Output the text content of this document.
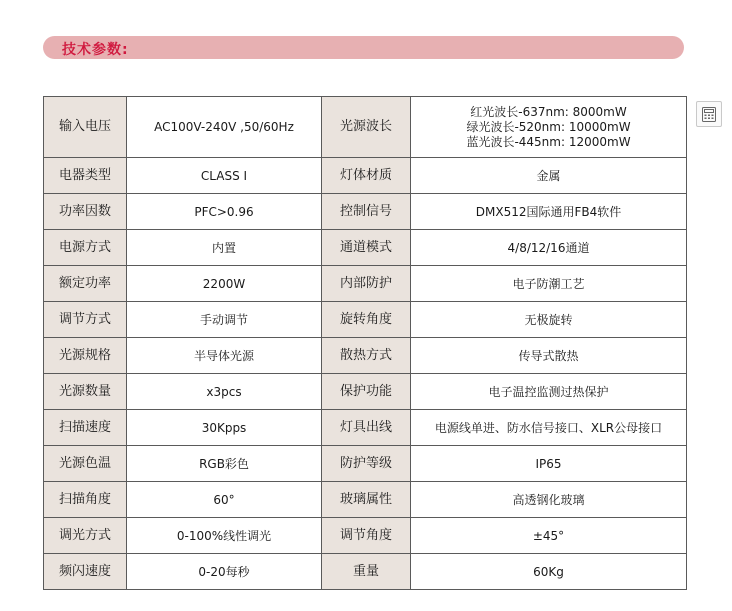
技术参数:
输入电压	AC100V-240V ,50/60Hz	光源波长	红光波长-637nm: 8000mW
绿光波长-520nm: 10000mW
蓝光波长-445nm: 12000mW

电器类型	CLASS I	灯体材质	金属
功率因数	PFC>0.96	控制信号	DMX512国际通用FB4软件
电源方式	内置	通道模式	4/8/12/16通道
额定功率	2200W	内部防护	电子防潮工艺
调节方式	手动调节	旋转角度	无极旋转
光源规格	半导体光源	散热方式	传导式散热
光源数量	x3pcs	保护功能	电子温控监测过热保护
扫描速度	30Kpps	灯具出线	电源线单进、防水信号接口、XLR公母接口
光源色温	RGB彩色	防护等级	IP65
扫描角度	60°	玻璃属性	高透钢化玻璃
调光方式	0-100%线性调光	调节角度	±45°
频闪速度	0-20每秒	重量	60Kg
